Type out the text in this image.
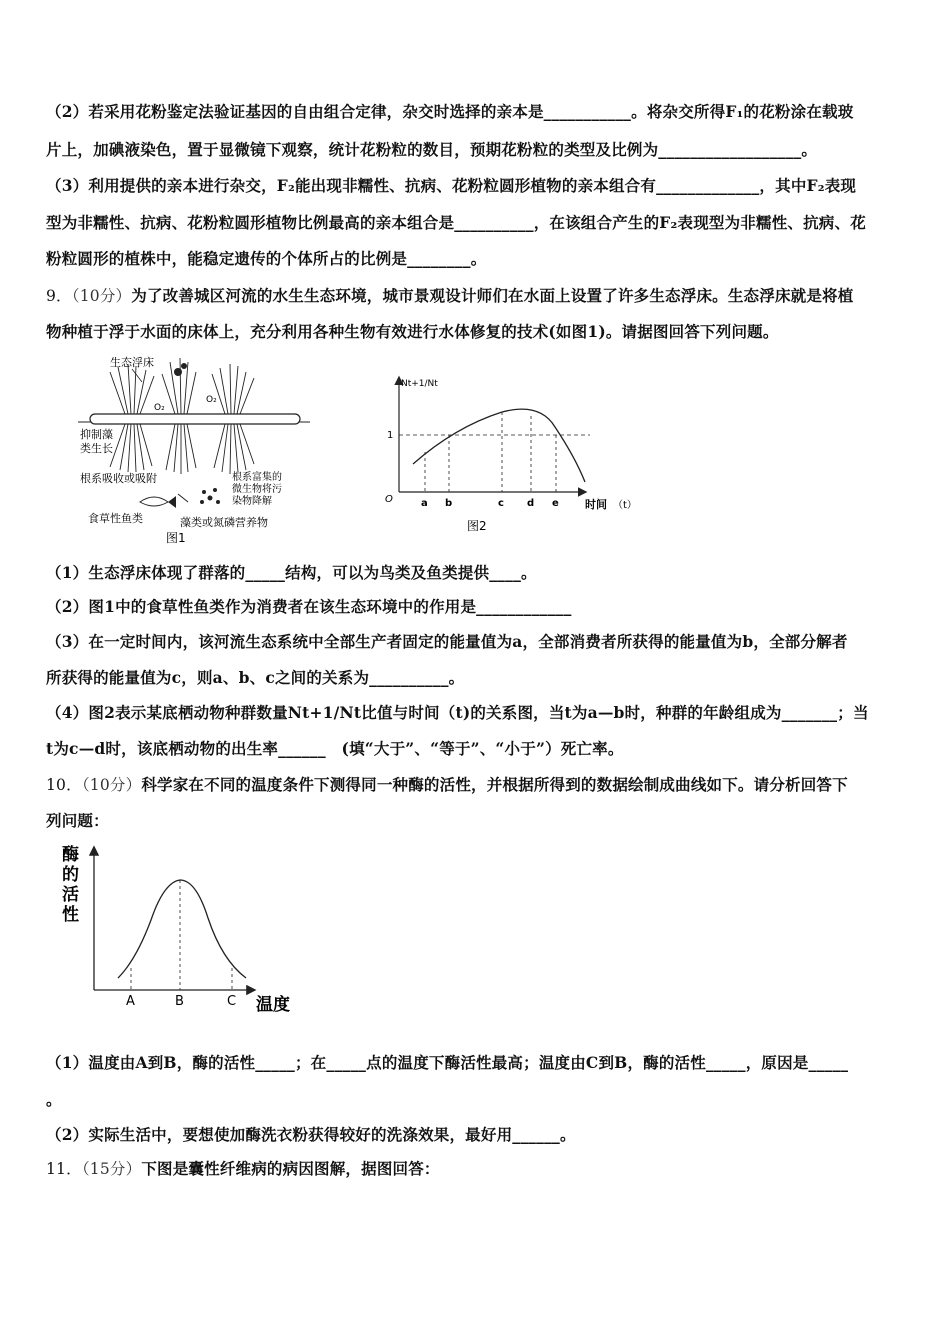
（2）若采用花粉鉴定法验证基因的自由组合定律，杂交时选择的亲本是___________。将杂交所得F₁的花粉涂在载玻
片上，加碘液染色，置于显微镜下观察，统计花粉粒的数目，预期花粉粒的类型及比例为__________________。
（3）利用提供的亲本进行杂交，F₂能出现非糯性、抗病、花粉粒圆形植物的亲本组合有_____________，其中F₂表现
型为非糯性、抗病、花粉粒圆形植物比例最高的亲本组合是__________，在该组合产生的F₂表现型为非糯性、抗病、花
粉粒圆形的植株中，能稳定遗传的个体所占的比例是________。
9．（10分）为了改善城区河流的水生生态环境，城市景观设计师们在水面上设置了许多生态浮床。生态浮床就是将植
物种植于浮于水面的床体上，充分利用各种生物有效进行水体修复的技术(如图1)。请据图回答下列问题。
生态浮床
O₂
O₂
抑制藻
类生长
根系吸收或吸附	根系富集的
微生物将污
染物降解
食草性鱼类	藻类或氮磷营养物
图1
Nt+1/Nt
1
O	a b	c d e 时间 （t）
图2
（1）生态浮床体现了群落的_____结构，可以为鸟类及鱼类提供____。
（2）图1中的食草性鱼类作为消费者在该生态环境中的作用是____________
（3）在一定时间内，该河流生态系统中全部生产者固定的能量值为a，全部消费者所获得的能量值为b，全部分解者
所获得的能量值为c，则a、b、c之间的关系为__________。
（4）图2表示某底栖动物种群数量Nt+1/Nt比值与时间（t)的关系图，当t为a—b时，种群的年龄组成为_______；当
t为c—d时，该底栖动物的出生率______　(填“大于”、“等于”、“小于”）死亡率。
10．（10分）科学家在不同的温度条件下测得同一种酶的活性，并根据所得到的数据绘制成曲线如下。请分析回答下
列问题：
酶
的
活
性
A	B	C 温度
（1）温度由A到B，酶的活性_____；在_____点的温度下酶活性最高；温度由C到B，酶的活性_____，原因是_____
。
（2）实际生活中，要想使加酶洗衣粉获得较好的洗涤效果，最好用______。
11．（15分）下图是囊性纤维病的病因图解，据图回答：
